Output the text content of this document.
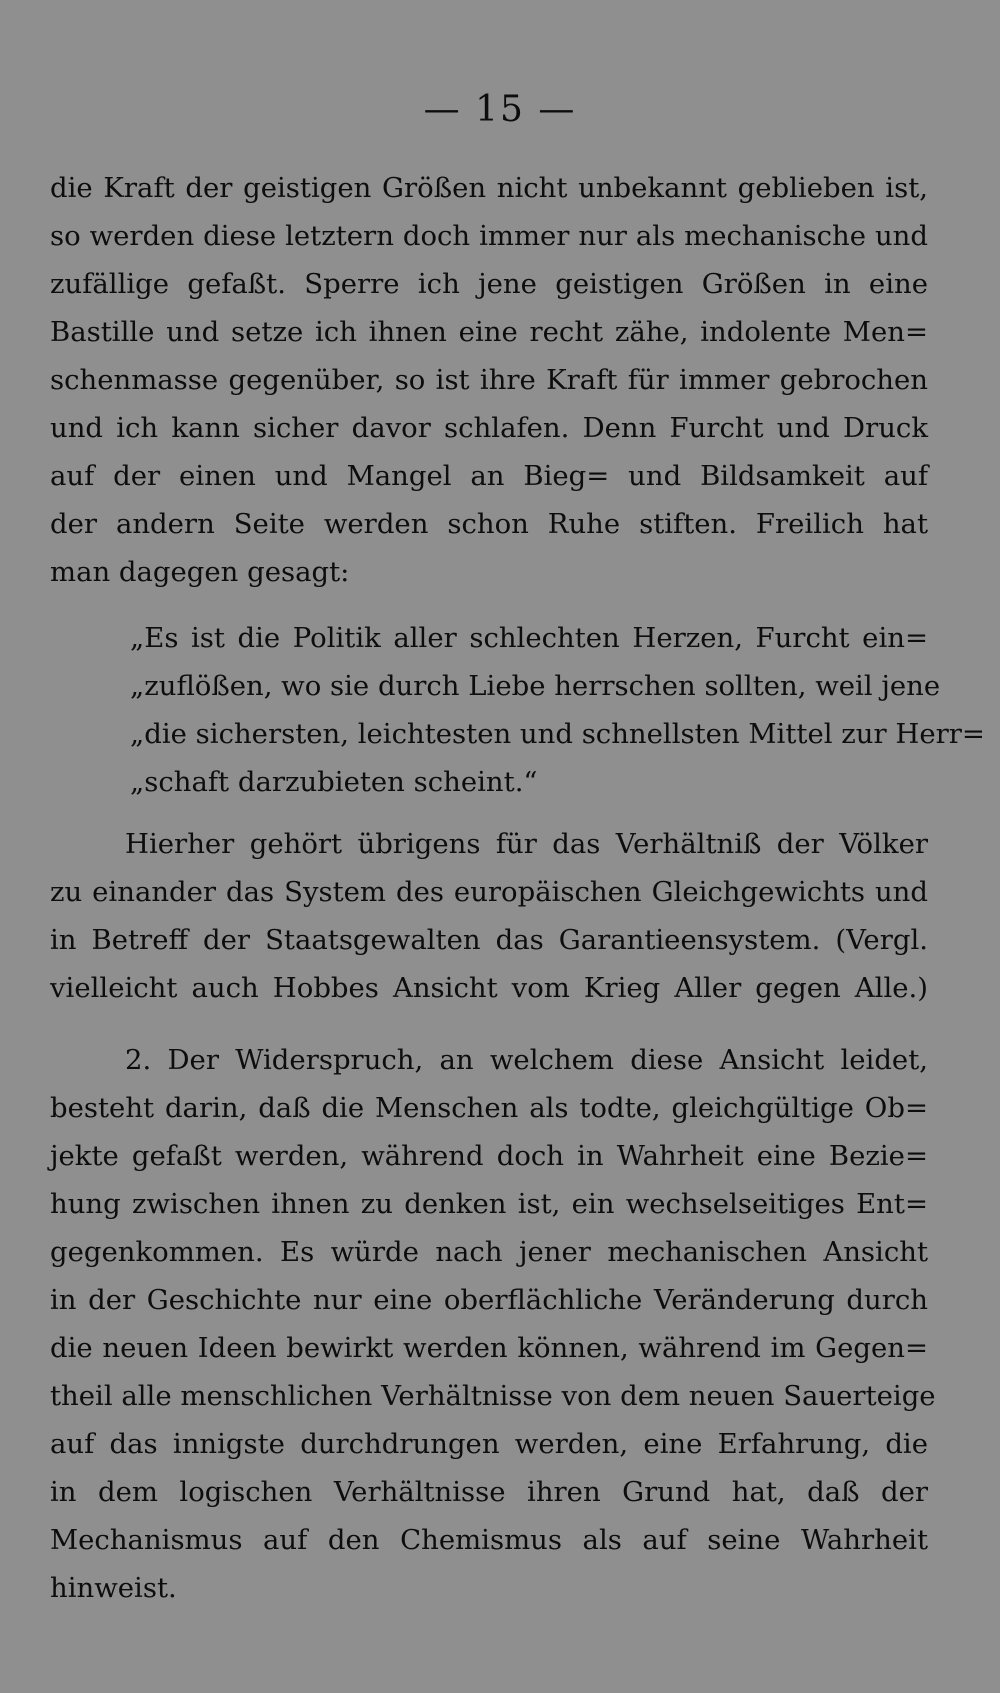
— 15 —
die Kraft der geistigen Größen nicht unbekannt geblieben ist,
so werden diese letztern doch immer nur als mechanische und
zufällige gefaßt. Sperre ich jene geistigen Größen in eine
Bastille und setze ich ihnen eine recht zähe, indolente Men=
schenmasse gegenüber, so ist ihre Kraft für immer gebrochen
und ich kann sicher davor schlafen. Denn Furcht und Druck
auf der einen und Mangel an Bieg= und Bildsamkeit auf
der andern Seite werden schon Ruhe stiften. Freilich hat
man dagegen gesagt:
„Es ist die Politik aller schlechten Herzen, Furcht ein=
„zuflößen, wo sie durch Liebe herrschen sollten, weil jene
„die sichersten, leichtesten und schnellsten Mittel zur Herr=
„schaft darzubieten scheint.“
Hierher gehört übrigens für das Verhältniß der Völker
zu einander das System des europäischen Gleichgewichts und
in Betreff der Staatsgewalten das Garantieensystem. (Vergl.
vielleicht auch Hobbes Ansicht vom Krieg Aller gegen Alle.)
2. Der Widerspruch, an welchem diese Ansicht leidet,
besteht darin, daß die Menschen als todte, gleichgültige Ob=
jekte gefaßt werden, während doch in Wahrheit eine Bezie=
hung zwischen ihnen zu denken ist, ein wechselseitiges Ent=
gegenkommen. Es würde nach jener mechanischen Ansicht
in der Geschichte nur eine oberflächliche Veränderung durch
die neuen Ideen bewirkt werden können, während im Gegen=
theil alle menschlichen Verhältnisse von dem neuen Sauerteige
auf das innigste durchdrungen werden, eine Erfahrung, die
in dem logischen Verhältnisse ihren Grund hat, daß der
Mechanismus auf den Chemismus als auf seine Wahrheit
hinweist.
